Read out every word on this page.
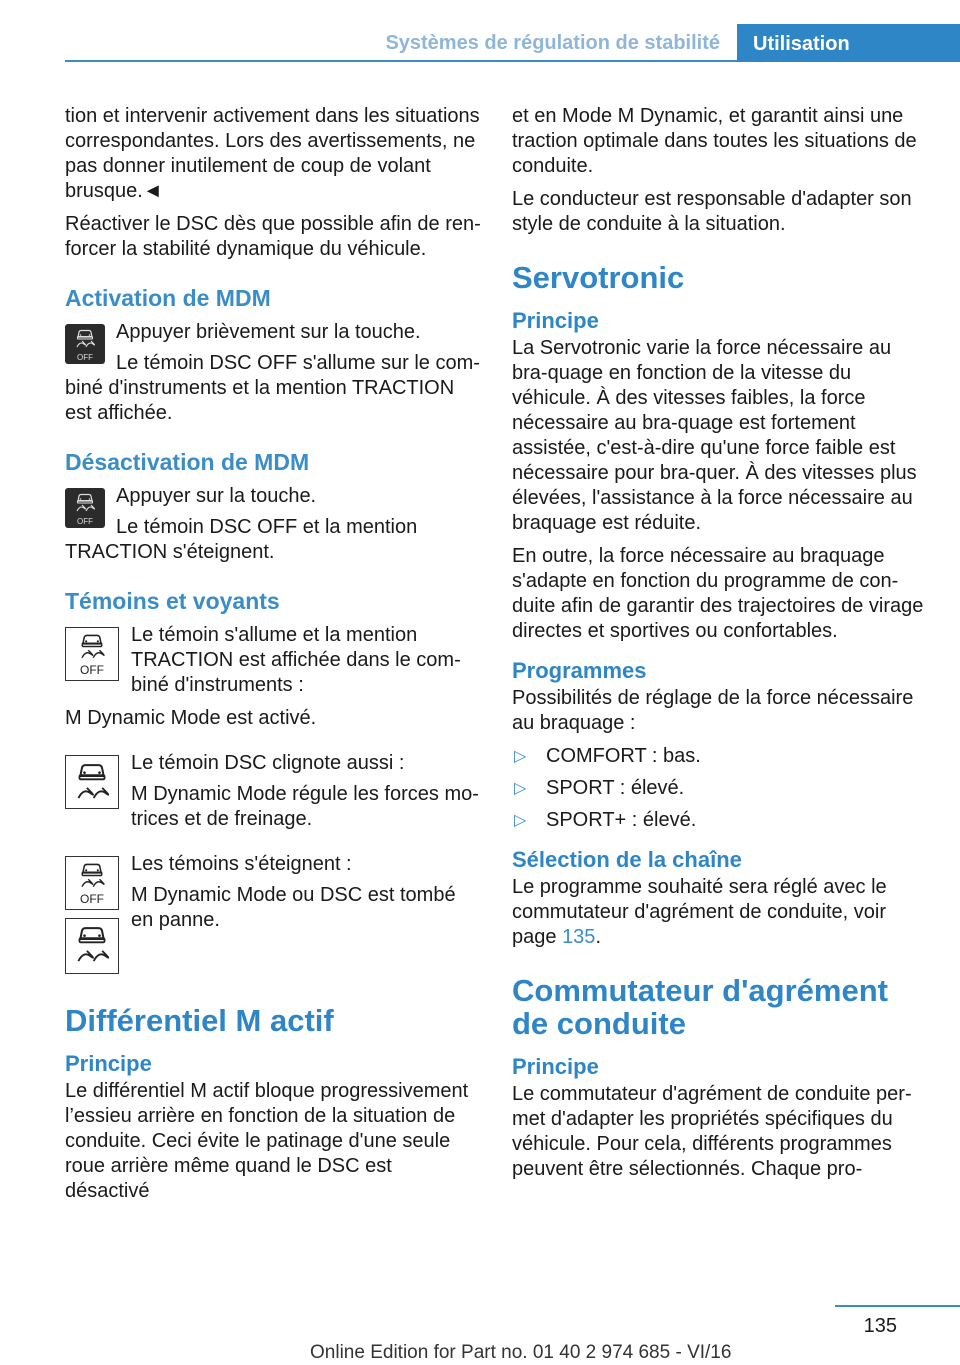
Systèmes de régulation de stabilité Utilisation

tion et intervenir activement dans les situations correspondantes. Lors des avertissements, ne pas donner inutilement de coup de volant brusque.◄

Réactiver le DSC dès que possible afin de ren-forcer la stabilité dynamique du véhicule.

Activation de MDM
OFF

Appuyer brièvement sur la touche.

Le témoin DSC OFF s'allume sur le com-biné d'instruments et la mention TRACTION est affichée.

Désactivation de MDM
OFF

Appuyer sur la touche.

Le témoin DSC OFF et la mention TRACTION s'éteignent.

Témoins et voyants
OFF

Le témoin s'allume et la mention TRACTION est affichée dans le com-biné d'instruments :

M Dynamic Mode est activé.

Le témoin DSC clignote aussi :

M Dynamic Mode régule les forces mo-trices et de freinage.

OFF

Les témoins s'éteignent :

M Dynamic Mode ou DSC est tombé en panne.

Différentiel M actif
Principe

Le différentiel M actif bloque progressivement l’essieu arrière en fonction de la situation de conduite. Ceci évite le patinage d'une seule roue arrière même quand le DSC est désactivé

et en Mode M Dynamic, et garantit ainsi une traction optimale dans toutes les situations de conduite.

Le conducteur est responsable d'adapter son style de conduite à la situation.

Servotronic
Principe

La Servotronic varie la force nécessaire au bra-quage en fonction de la vitesse du véhicule. À des vitesses faibles, la force nécessaire au bra-quage est fortement assistée, c'est-à-dire qu'une force faible est nécessaire pour bra-quer. À des vitesses plus élevées, l'assistance à la force nécessaire au braquage est réduite.

En outre, la force nécessaire au braquage s'adapte en fonction du programme de con-duite afin de garantir des trajectoires de virage directes et sportives ou confortables.

Programmes

Possibilités de réglage de la force nécessaire au braquage :

▷ COMFORT : bas.
▷ SPORT : élevé.
▷ SPORT+ : élevé.
Sélection de la chaîne

Le programme souhaité sera réglé avec le commutateur d'agrément de conduite, voir page 135.

Commutateur d'agrément de conduite
Principe

Le commutateur d'agrément de conduite per-met d'adapter les propriétés spécifiques du véhicule. Pour cela, différents programmes peuvent être sélectionnés. Chaque pro-

135
Online Edition for Part no. 01 40 2 974 685 - VI/16
